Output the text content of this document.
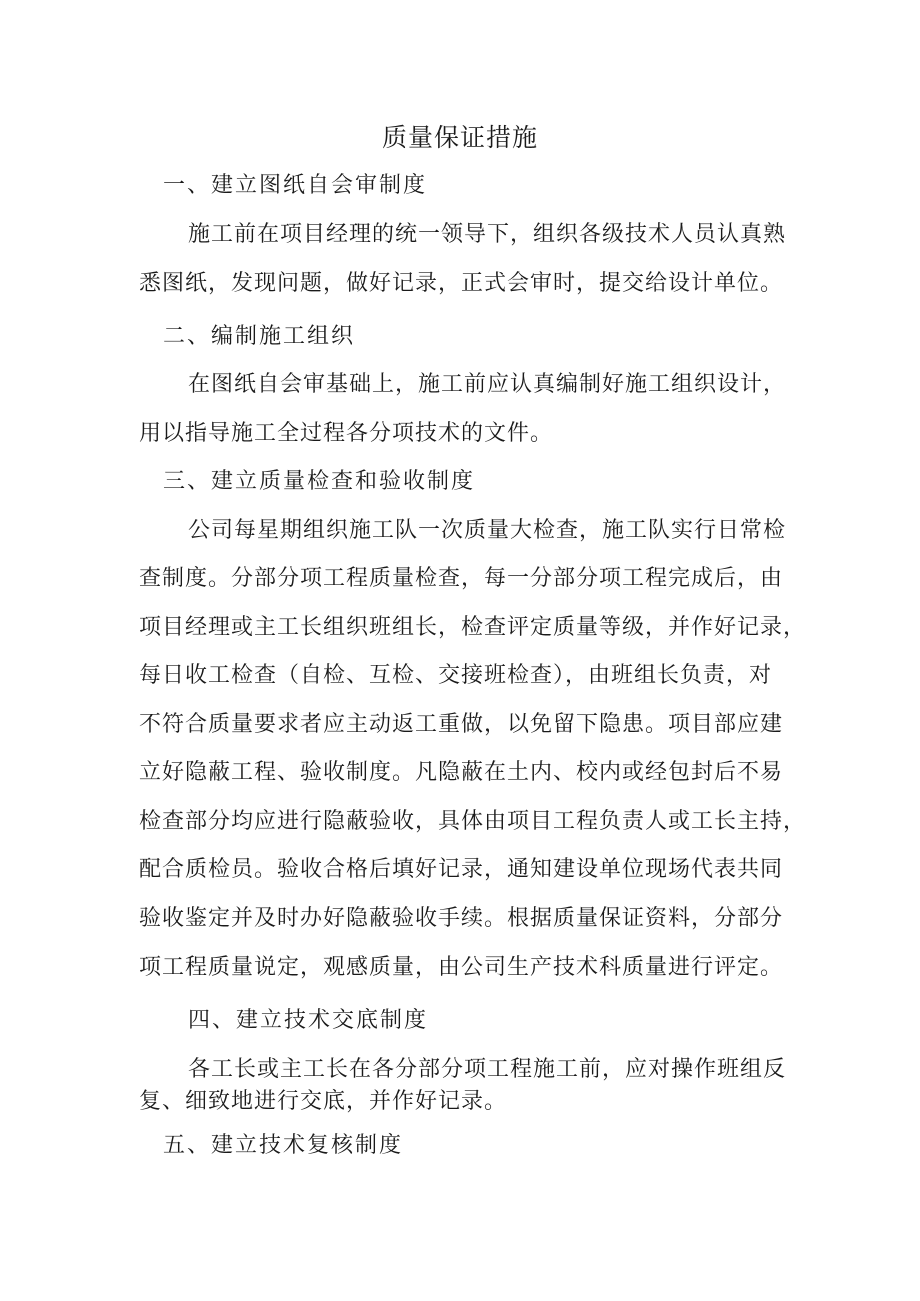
质量保证措施

一、建立图纸自会审制度

施工前在项目经理的统一领导下，组织各级技术人员认真熟

悉图纸，发现问题，做好记录，正式会审时，提交给设计单位。

二、编制施工组织

在图纸自会审基础上，施工前应认真编制好施工组织设计，

用以指导施工全过程各分项技术的文件。

三、建立质量检查和验收制度

公司每星期组织施工队一次质量大检查，施工队实行日常检

查制度。分部分项工程质量检查，每一分部分项工程完成后，由

项目经理或主工长组织班组长，检查评定质量等级，并作好记录，

每日收工检查（自检、互检、交接班检查），由班组长负责，对

不符合质量要求者应主动返工重做，以免留下隐患。项目部应建

立好隐蔽工程、验收制度。凡隐蔽在土内、校内或经包封后不易

检查部分均应进行隐蔽验收，具体由项目工程负责人或工长主持，

配合质检员。验收合格后填好记录，通知建设单位现场代表共同

验收鉴定并及时办好隐蔽验收手续。根据质量保证资料，分部分

项工程质量说定，观感质量，由公司生产技术科质量进行评定。

四、建立技术交底制度

各工长或主工长在各分部分项工程施工前，应对操作班组反

复、细致地进行交底，并作好记录。

五、建立技术复核制度
